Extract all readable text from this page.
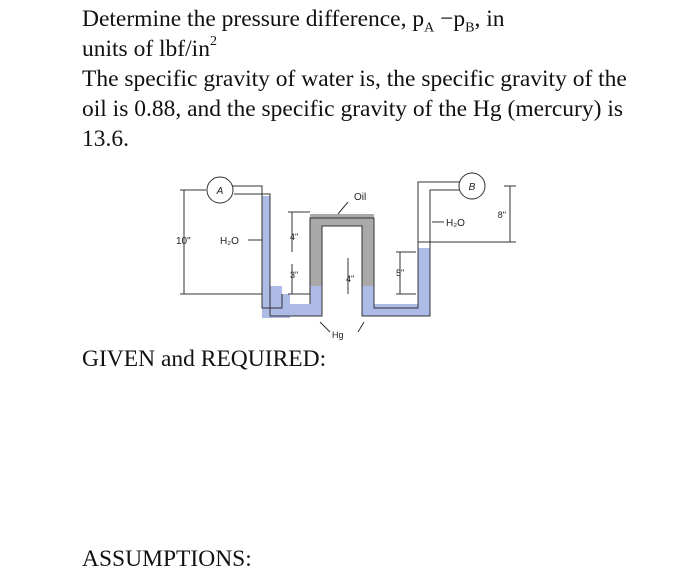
Determine the pressure difference, $p_A -p_B$, in

units of lbf/$in^2$

The specific gravity of water is, the specific gravity of the oil is 0.88, and the specific gravity of the Hg (mercury) is 13.6.

A	B
Oil
H₂O
H₂O
Hg
10"	4"
3"	4"
5"
8"
GIVEN and REQUIRED:
ASSUMPTIONS:
